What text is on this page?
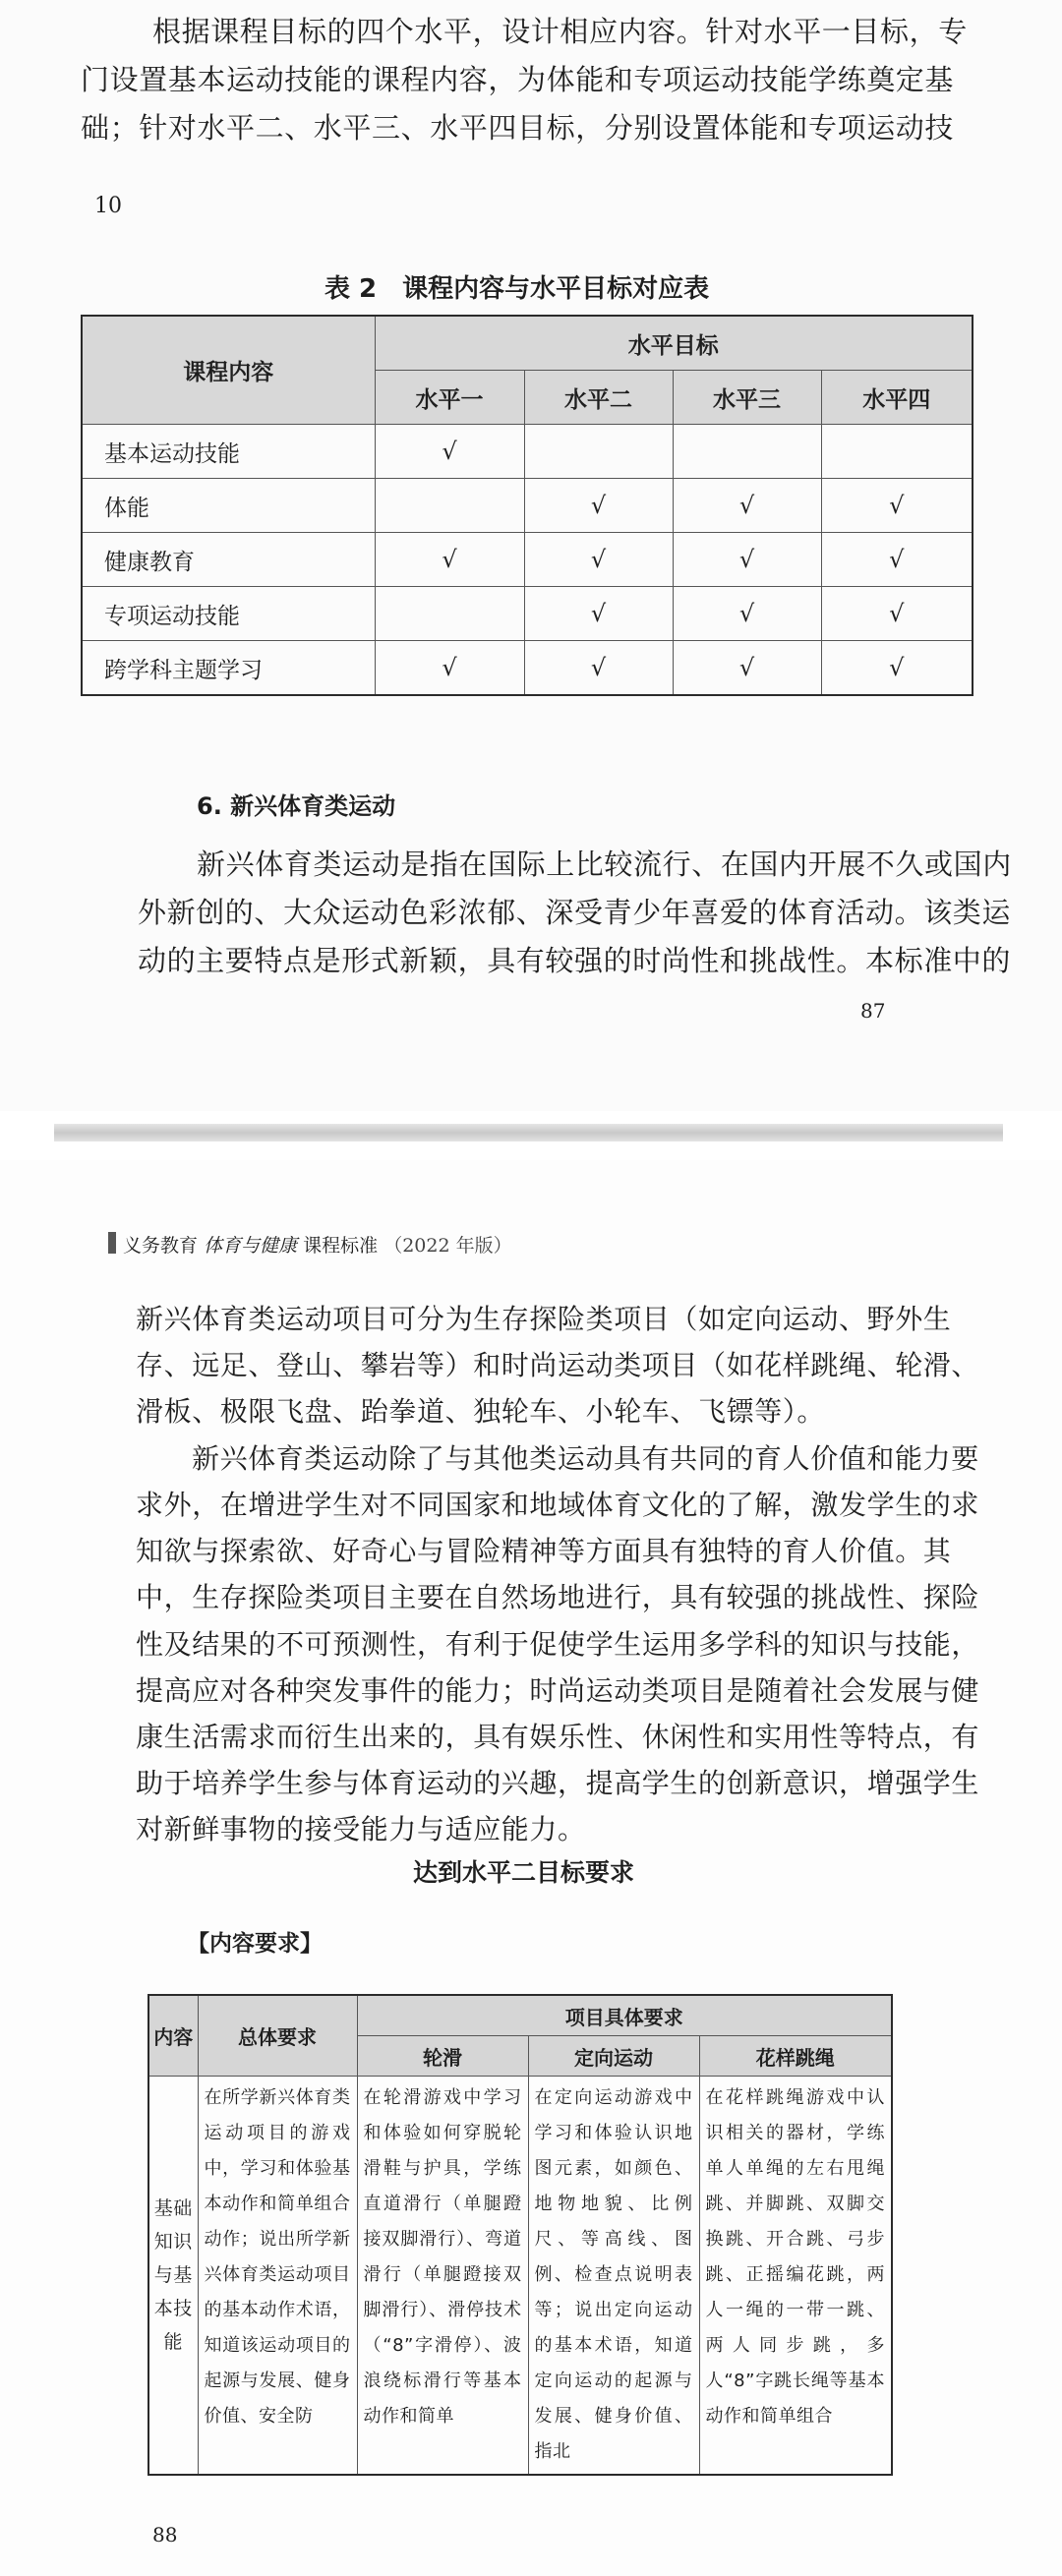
根据课程目标的四个水平，设计相应内容。针对水平一目标，专
门设置基本运动技能的课程内容，为体能和专项运动技能学练奠定基
础；针对水平二、水平三、水平四目标，分别设置体能和专项运动技
10
表 2　课程内容与水平目标对应表
课程内容	水平目标			
	水平一	水平二	水平三	水平四
基本运动技能	√			
体能		√	√	√
健康教育	√	√	√	√
专项运动技能		√	√	√
跨学科主题学习	√	√	√	√
6. 新兴体育类运动
新兴体育类运动是指在国际上比较流行、在国内开展不久或国内
外新创的、大众运动色彩浓郁、深受青少年喜爱的体育活动。该类运
动的主要特点是形式新颖，具有较强的时尚性和挑战性。本标准中的
87
义务教育 体育与健康 课程标准 （2022 年版）
新兴体育类运动项目可分为生存探险类项目（如定向运动、野外生
存、远足、登山、攀岩等）和时尚运动类项目（如花样跳绳、轮滑、
滑板、极限飞盘、跆拳道、独轮车、小轮车、飞镖等）。
新兴体育类运动除了与其他类运动具有共同的育人价值和能力要
求外，在增进学生对不同国家和地域体育文化的了解，激发学生的求
知欲与探索欲、好奇心与冒险精神等方面具有独特的育人价值。其
中，生存探险类项目主要在自然场地进行，具有较强的挑战性、探险
性及结果的不可预测性，有利于促使学生运用多学科的知识与技能，
提高应对各种突发事件的能力；时尚运动类项目是随着社会发展与健
康生活需求而衍生出来的，具有娱乐性、休闲性和实用性等特点，有
助于培养学生参与体育运动的兴趣，提高学生的创新意识，增强学生
对新鲜事物的接受能力与适应能力。
达到水平二目标要求
【内容要求】
内容	总体要求	项目具体要求		
		轮滑	定向运动	花样跳绳

基础知识与基本技能	在所学新兴体育类运动项目的游戏中，学习和体验基本动作和简单组合动作；说出所学新兴体育类运动项目的基本动作术语，知道该运动项目的起源与发展、健身价值、安全防	在轮滑游戏中学习和体验如何穿脱轮滑鞋与护具，学练直道滑行（单腿蹬接双脚滑行）、弯道滑行（单腿蹬接双脚滑行）、滑停技术（“8”字滑停）、波浪绕标滑行等基本动作和简单	在定向运动游戏中学习和体验认识地图元素，如颜色、地物地貌、比例尺、等高线、图例、检查点说明表等；说出定向运动的基本术语，知道定向运动的起源与发展、健身价值、指北	在花样跳绳游戏中认识相关的器材，学练单人单绳的左右甩绳跳、并脚跳、双脚交换跳、开合跳、弓步跳、正摇编花跳，两人一绳的一带一跳、两人同步跳，多人“8”字跳长绳等基本动作和简单组合
88
